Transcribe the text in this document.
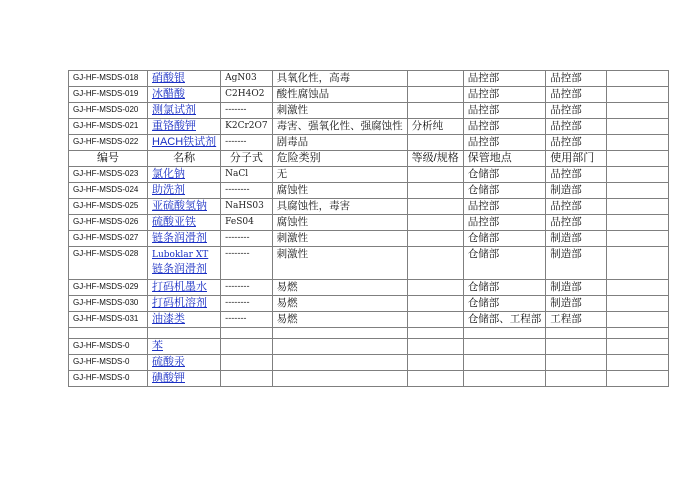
GJ-HF-MSDS-018	硝酸银	AgN03	具氧化性，高毒		品控部	品控部	
GJ-HF-MSDS-019	冰醋酸	C2H4O2	酸性腐蚀品		品控部	品控部	
GJ-HF-MSDS-020	测氯试剂	-------	刺激性		品控部	品控部	
GJ-HF-MSDS-021	重铬酸钾	K2Cr2O7	毒害、强氧化性、强腐蚀性	分析纯	品控部	品控部	
GJ-HF-MSDS-022	HACH铁试剂	-------	剧毒品		品控部	品控部	
编号	名称	分子式	危险类别	等级/规格	保管地点	使用部门	
GJ-HF-MSDS-023	氯化钠	NaCl	无		仓储部	品控部	
GJ-HF-MSDS-024	助洗剂	--------	腐蚀性		仓储部	制造部	
GJ-HF-MSDS-025	亚硫酸氢钠	NaHS03	具腐蚀性，毒害		品控部	品控部	
GJ-HF-MSDS-026	硫酸亚铁	FeS04	腐蚀性		品控部	品控部	
GJ-HF-MSDS-027	链条润滑剂	--------	刺激性		仓储部	制造部	
GJ-HF-MSDS-028	Luboklar XT
链条润滑剂	--------	刺激性		仓储部	制造部	
GJ-HF-MSDS-029	打码机墨水	--------	易燃		仓储部	制造部	
GJ-HF-MSDS-030	打码机溶剂	--------	易燃		仓储部	制造部	
GJ-HF-MSDS-031	油漆类	-------	易燃		仓储部、工程部	工程部	

GJ-HF-MSDS-0	苯						
GJ-HF-MSDS-0	硫酸汞						
GJ-HF-MSDS-0	碘酸钾						
